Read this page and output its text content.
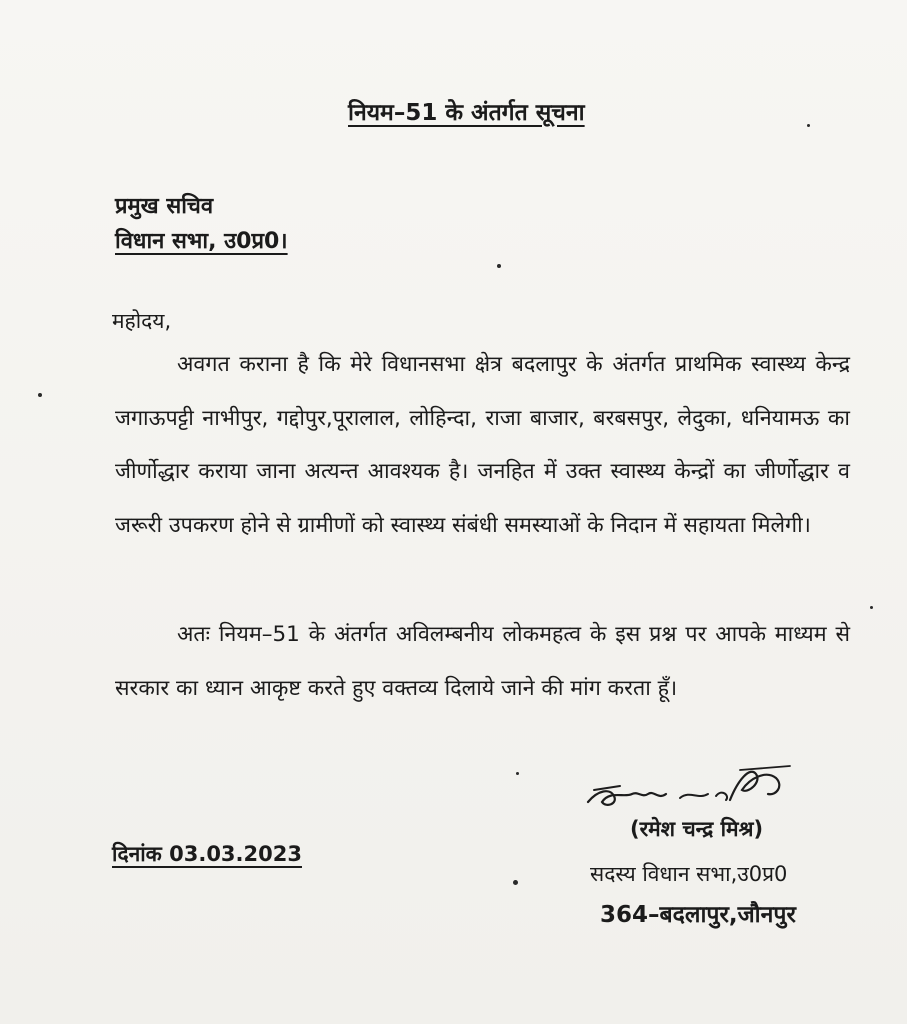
नियम–51 के अंतर्गत सूचना
प्रमुख सचिव
विधान सभा, उ0प्र0।
महोदय,
अवगत कराना है कि मेरे विधानसभा क्षेत्र बदलापुर के अंतर्गत प्राथमिक स्वास्थ्य केन्द्र जगाऊपट्टी नाभीपुर, गद्दोपुर,पूरालाल, लोहिन्दा, राजा बाजार, बरबसपुर, लेदुका, धनियामऊ का जीर्णोद्धार कराया जाना अत्यन्त आवश्यक है। जनहित में उक्त स्वास्थ्य केन्द्रों का जीर्णोद्धार व जरूरी उपकरण होने से ग्रामीणों को स्वास्थ्य संबंधी समस्याओं के निदान में सहायता मिलेगी।
अतः नियम–51 के अंतर्गत अविलम्बनीय लोकमहत्व के इस प्रश्न पर आपके माध्यम से सरकार का ध्यान आकृष्ट करते हुए वक्तव्य दिलाये जाने की मांग करता हूँ।
(रमेश चन्द्र मिश्र)
दिनांक 03.03.2023
सदस्य विधान सभा,उ0प्र0
364–बदलापुर,जौनपुर
